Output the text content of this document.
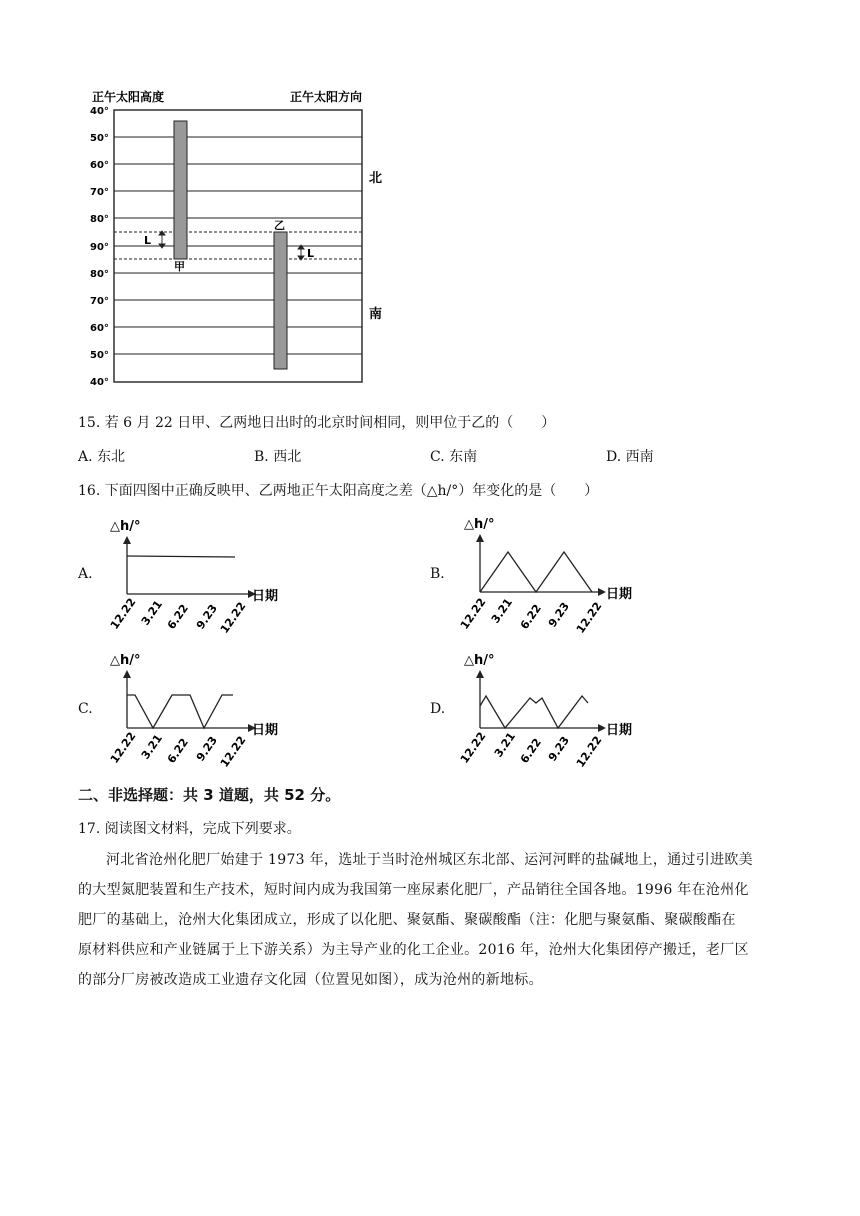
正午太阳高度	正午太阳方向
40°
50°
60°
70°
80°
90°
80°
70°
60°
50°
40°
北
南
甲
乙
L
L
15. 若 6 月 22 日甲、乙两地日出时的北京时间相同，则甲位于乙的（　　）
A. 东北	B. 西北	C. 东南	D. 西南
16. 下面四图中正确反映甲、乙两地正午太阳高度之差（△h/°）年变化的是（　　）
A.	B.
C.	D.
△h/°
日期
12.22 3.21 6.22 9.23
12.22
△h/°
日期
12.22 3.21 6.22 9.23 12.22
△h/°
日期
12.22 3.21 6.22 9.23
12.22
△h/°
日期
12.22 3.21 6.22 9.23 12.22
二、非选择题：共 3 道题，共 52 分。
17. 阅读图文材料，完成下列要求。
河北省沧州化肥厂始建于 1973 年，选址于当时沧州城区东北部、运河河畔的盐碱地上，通过引进欧美
的大型氮肥装置和生产技术，短时间内成为我国第一座尿素化肥厂，产品销往全国各地。1996 年在沧州化
肥厂的基础上，沧州大化集团成立，形成了以化肥、聚氨酯、聚碳酸酯（注：化肥与聚氨酯、聚碳酸酯在
原材料供应和产业链属于上下游关系）为主导产业的化工企业。2016 年，沧州大化集团停产搬迁，老厂区
的部分厂房被改造成工业遗存文化园（位置见如图），成为沧州的新地标。
